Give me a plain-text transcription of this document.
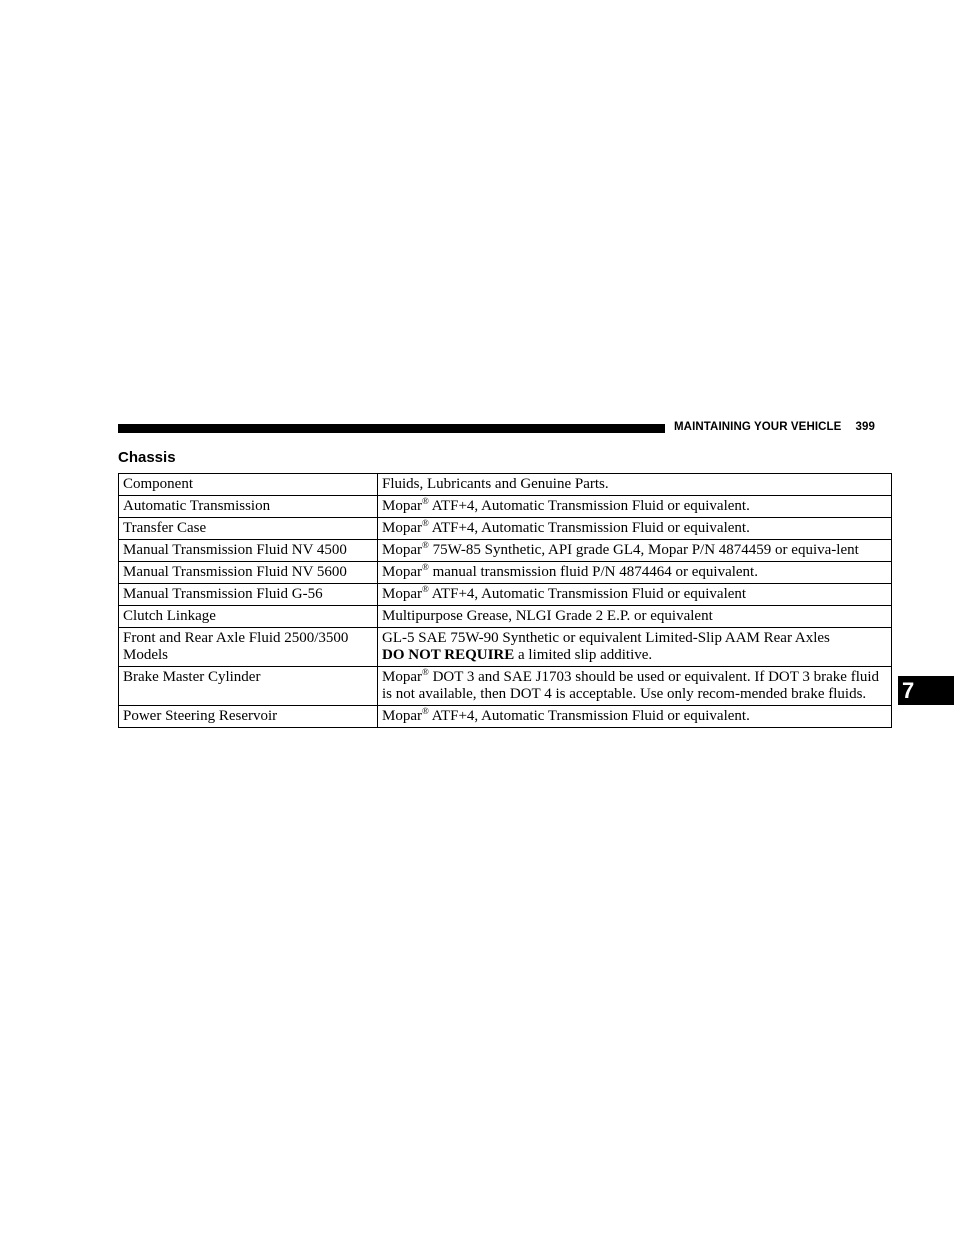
MAINTAINING YOUR VEHICLE 399
Chassis
Component	Fluids, Lubricants and Genuine Parts.
Automatic Transmission	Mopar® ATF+4, Automatic Transmission Fluid or equivalent.
Transfer Case	Mopar® ATF+4, Automatic Transmission Fluid or equivalent.
Manual Transmission Fluid NV 4500	Mopar® 75W-85 Synthetic, API grade GL4, Mopar P/N 4874459 or equiva-lent
Manual Transmission Fluid NV 5600	Mopar® manual transmission fluid P/N 4874464 or equivalent.
Manual Transmission Fluid G-56	Mopar® ATF+4, Automatic Transmission Fluid or equivalent
Clutch Linkage	Multipurpose Grease, NLGI Grade 2 E.P. or equivalent
Front and Rear Axle Fluid 2500/3500 Models	GL-5 SAE 75W-90 Synthetic or equivalent Limited-Slip AAM Rear Axles
DO NOT REQUIRE a limited slip additive.
Brake Master Cylinder	Mopar® DOT 3 and SAE J1703 should be used or equivalent. If DOT 3 brake fluid is not available, then DOT 4 is acceptable. Use only recom-mended brake fluids.
Power Steering Reservoir	Mopar® ATF+4, Automatic Transmission Fluid or equivalent.
7
